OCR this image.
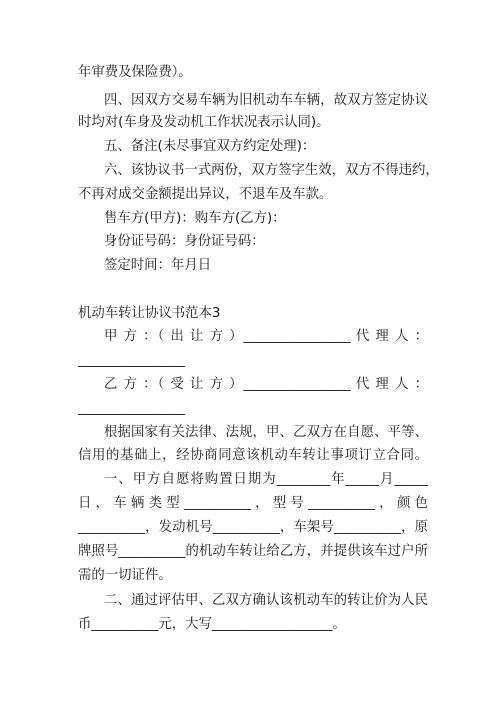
年审费及保险费）。

四、因双方交易车辆为旧机动车车辆，故双方签定协议

时均对(车身及发动机工作状况表示认同)。

五、备注(未尽事宜双方约定处理)：

六、该协议书一式两份，双方签字生效，双方不得违约，

不再对成交金额提出异议，不退车及车款。

售车方(甲方)：购车方(乙方)：

身份证号码：身份证号码：

签定时间：年月日

机动车转让协议书范本3

甲 方 ：（ 出 让 方 ）________________ 代 理 人 ：

________________

乙 方 ：（ 受 让 方 ）________________ 代 理 人 ：

________________

根据国家有关法律、法规，甲、乙双方在自愿、平等、

信用的基础上，经协商同意该机动车转让事项订立合同。

一、甲方自愿将购置日期为________年_____月_____

日 ， 车 辆 类 型 __________ ， 型 号 __________ ， 颜 色

__________，发动机号__________，车架号__________，原

牌照号__________的机动车转让给乙方，并提供该车过户所

需的一切证件。

二、通过评估甲、乙双方确认该机动车的转让价为人民

币__________元，大写__________________。
